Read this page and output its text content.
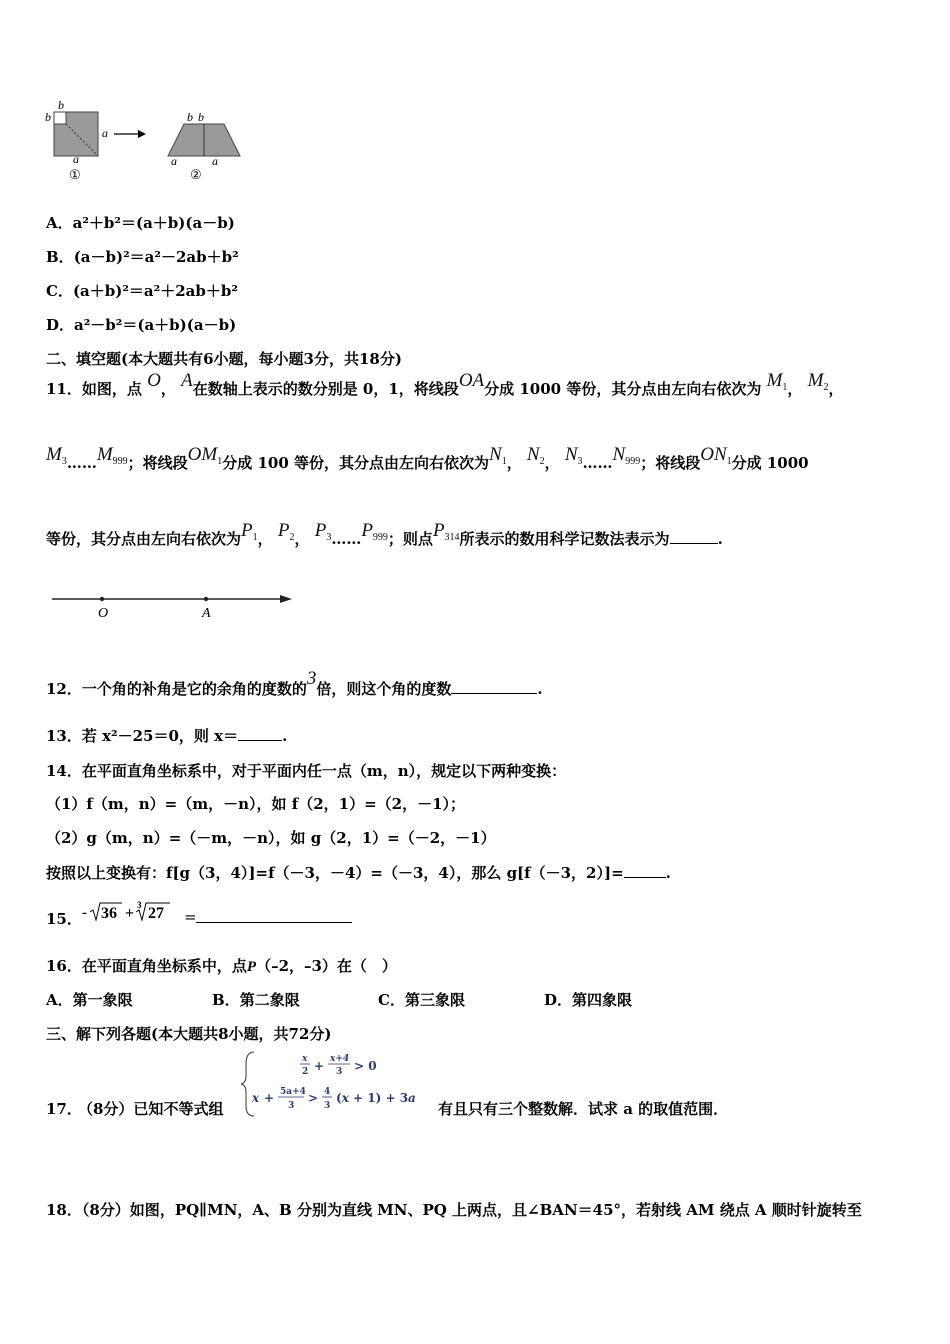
b
b
a
a
b b
a	a
①	②
A．a²＋b²＝(a＋b)(a－b)
B．(a－b)²＝a²－2ab＋b²
C．(a＋b)²＝a²＋2ab＋b²
D．a²－b²＝(a＋b)(a－b)
二、填空题(本大题共有6小题，每小题3分，共18分)
11．如图，点 O， A在数轴上表示的数分别是 0，1，将线段OA分成 1000 等份，其分点由左向右依次为 $M_1$， $M_2$，
$M_3\dots\dots M_{999}$；将线段$OM_1$分成 100 等份，其分点由左向右依次为$N_1$， $N_2$， $N_3\dots\dots N_{999}$；将线段$ON_1$分成 1000
等份，其分点由左向右依次为$P_1$， $P_2$， $P_3\dots\dots P_{999}$；则点$P_{314}$所表示的数用科学记数法表示为	.
O	A
12．一个角的补角是它的余角的度数的3倍，则这个角的度数	.
13．若 x²－25＝0，则 x＝	.
14．在平面直角坐标系中，对于平面内任一点（m，n），规定以下两种变换：
（1）f（m，n）=（m，－n），如 f（2，1）=（2，－1）；
（2）g（m，n）=（－m，－n），如 g（2，1）=（－2，－1）
按照以上变换有：f[g（3，4）]=f（－3，－4）=（－3，4），那么 g[f（－3，2）]=	.
15． - 36 + 3 27 =
16．在平面直角坐标系中，点P（–2，–3）在（　）
A．第一象限	B．第二象限	C．第三象限	D．第四象限
三、解下列各题(本大题共8小题，共72分)
17．
（8分）已知不等式组
x
2 + x+4
3 > 0
x + 5a+4
3
> 4
3
(x + 1) + 3a
有且只有三个整数解．试求 a 的取值范围．
18．（8分）如图，PQ∥MN，A、B 分别为直线 MN、PQ 上两点，且∠BAN＝45°，若射线 AM 绕点 A 顺时针旋转至
